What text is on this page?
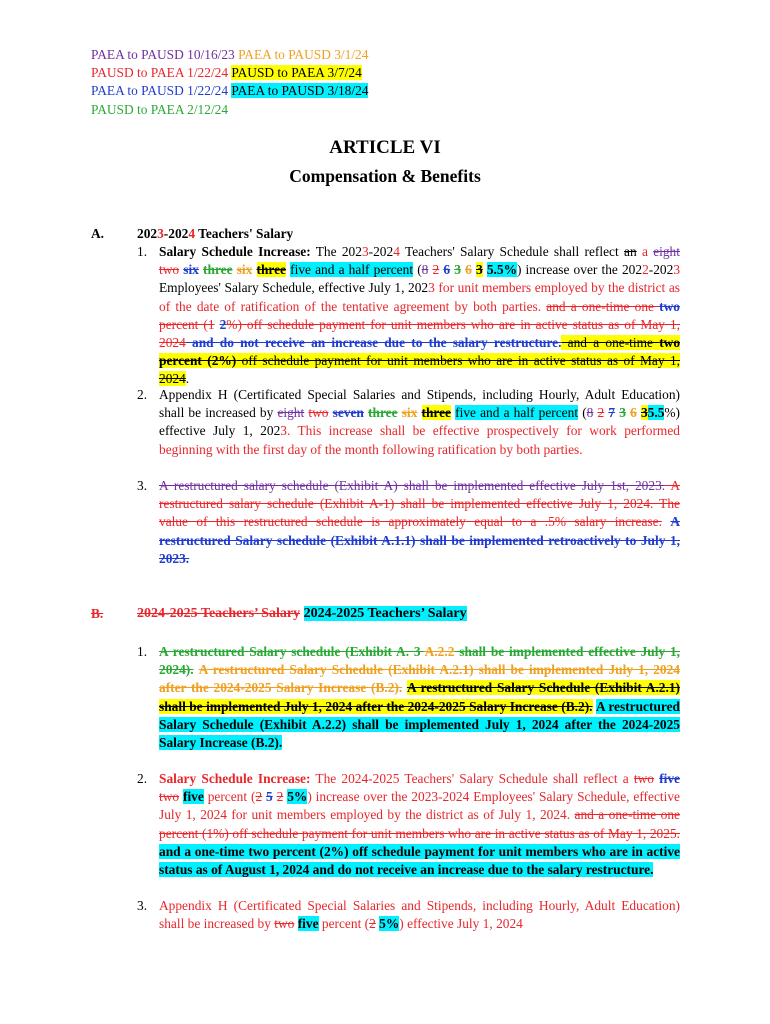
PAEA to PAUSD 10/16/23 PAEA to PAUSD 3/1/24
PAUSD to PAEA 1/22/24 PAUSD to PAEA 3/7/24
PAEA to PAUSD 1/22/24 PAEA to PAUSD 3/18/24
PAUSD to PAEA 2/12/24
ARTICLE VI
Compensation & Benefits
A. 2023-2024 Teachers' Salary
1. Salary Schedule Increase: The 2023-2024 Teachers' Salary Schedule shall reflect an a eight two six three six three five and a half percent (8 2 6 3 6 3 5.5%) increase over the 2022-2023 Employees' Salary Schedule, effective July 1, 2023 for unit members employed by the district as of the date of ratification of the tentative agreement by both parties. and a one-time one two percent (1 2%) off schedule payment for unit members who are in active status as of May 1, 2024 and do not receive an increase due to the salary restructure. and a one-time two percent (2%) off schedule payment for unit members who are in active status as of May 1, 2024.
2. Appendix H (Certificated Special Salaries and Stipends, including Hourly, Adult Education) shall be increased by eight two seven three six three five and a half percent (8 2 7 3 6 35.5%) effective July 1, 2023. This increase shall be effective prospectively for work performed beginning with the first day of the month following ratification by both parties.
3. A restructured salary schedule (Exhibit A) shall be implemented effective July 1st, 2023. A restructured salary schedule (Exhibit A-1) shall be implemented effective July 1, 2024. The value of this restructured schedule is approximately equal to a .5% salary increase. A restructured Salary schedule (Exhibit A.1.1) shall be implemented retroactively to July 1, 2023.
B. 2024-2025 Teachers’ Salary 2024-2025 Teachers’ Salary
1. A restructured Salary schedule (Exhibit A. 3 A.2.2 shall be implemented effective July 1, 2024). A restructured Salary Schedule (Exhibit A.2.1) shall be implemented July 1, 2024 after the 2024-2025 Salary Increase (B.2). A restructured Salary Schedule (Exhibit A.2.1) shall be implemented July 1, 2024 after the 2024-2025 Salary Increase (B.2). A restructured Salary Schedule (Exhibit A.2.2) shall be implemented July 1, 2024 after the 2024-2025 Salary Increase (B.2).
2. Salary Schedule Increase: The 2024-2025 Teachers' Salary Schedule shall reflect a two five two five percent (2 5 2 5%) increase over the 2023-2024 Employees' Salary Schedule, effective July 1, 2024 for unit members employed by the district as of July 1, 2024. and a one-time one percent (1%) off schedule payment for unit members who are in active status as of May 1, 2025. and a one-time two percent (2%) off schedule payment for unit members who are in active status as of August 1, 2024 and do not receive an increase due to the salary restructure.
3. Appendix H (Certificated Special Salaries and Stipends, including Hourly, Adult Education) shall be increased by two five percent (2 5%) effective July 1, 2024
